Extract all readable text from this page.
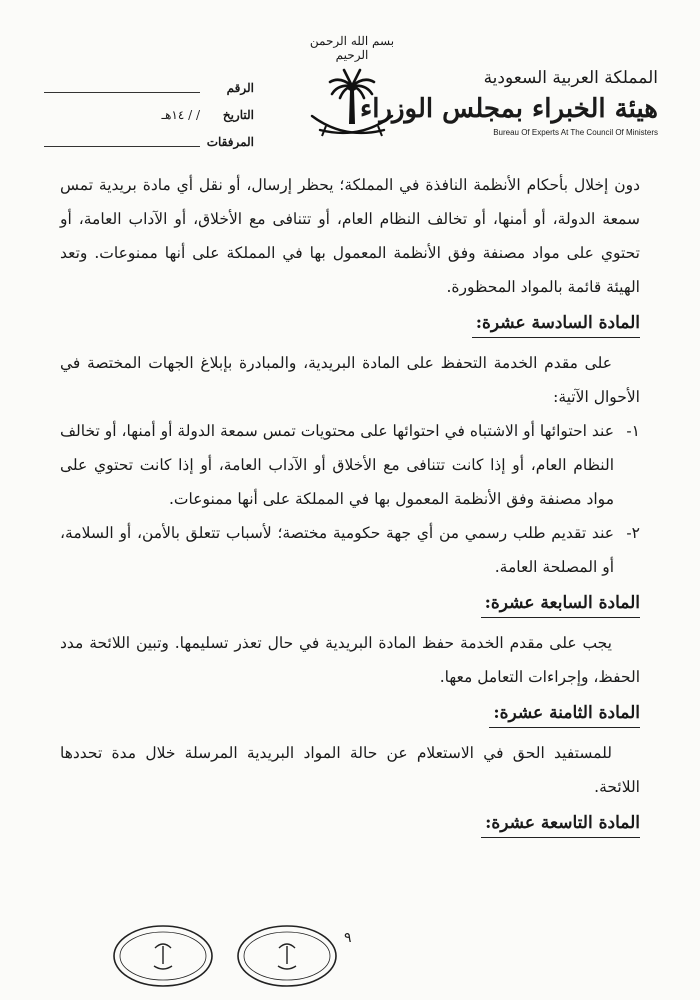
المملكة العربية السعودية
هيئة الخبراء بمجلس الوزراء
Bureau Of Experts At The Council Of Ministers
بسم الله الرحمن الرحيم
الرقم
التاريخ
/ / ١٤هـ
المرفقات

دون إخلال بأحكام الأنظمة النافذة في المملكة؛ يحظر إرسال، أو نقل أي مادة بريدية تمس سمعة الدولة، أو أمنها، أو تخالف النظام العام، أو تتنافى مع الأخلاق، أو الآداب العامة، أو تحتوي على مواد مصنفة وفق الأنظمة المعمول بها في المملكة على أنها ممنوعات. وتعد الهيئة قائمة بالمواد المحظورة.

المادة السادسة عشرة:

على مقدم الخدمة التحفظ على المادة البريدية، والمبادرة بإبلاغ الجهات المختصة في الأحوال الآتية:

١-
عند احتوائها أو الاشتباه في احتوائها على محتويات تمس سمعة الدولة أو أمنها، أو تخالف النظام العام، أو إذا كانت تتنافى مع الأخلاق أو الآداب العامة، أو إذا كانت تحتوي على مواد مصنفة وفق الأنظمة المعمول بها في المملكة على أنها ممنوعات.
٢-
عند تقديم طلب رسمي من أي جهة حكومية مختصة؛ لأسباب تتعلق بالأمن، أو السلامة، أو المصلحة العامة.
المادة السابعة عشرة:

يجب على مقدم الخدمة حفظ المادة البريدية في حال تعذر تسليمها. وتبين اللائحة مدد الحفظ، وإجراءات التعامل معها.

المادة الثامنة عشرة:

للمستفيد الحق في الاستعلام عن حالة المواد البريدية المرسلة خلال مدة تحددها اللائحة.

المادة التاسعة عشرة:
٩
